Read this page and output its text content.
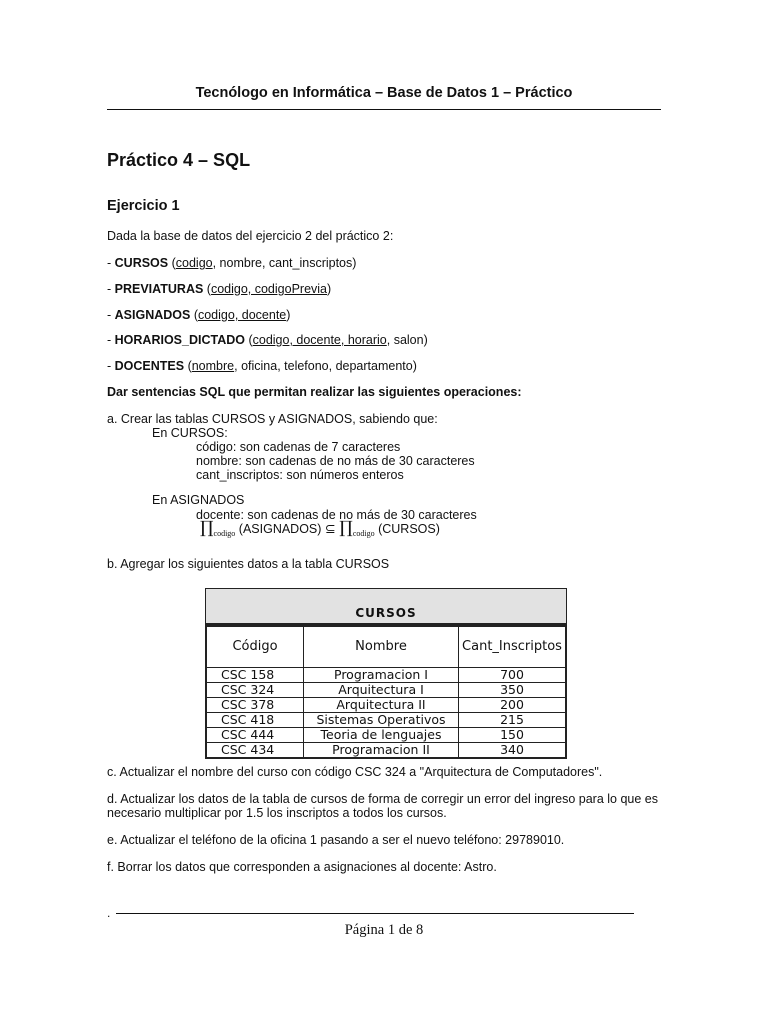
Tecnólogo en Informática – Base de Datos 1 – Práctico
Práctico 4 – SQL
Ejercicio 1
Dada la base de datos del ejercicio 2 del práctico 2:
- CURSOS (codigo, nombre, cant_inscriptos)
- PREVIATURAS (codigo, codigoPrevia)
- ASIGNADOS (codigo, docente)
- HORARIOS_DICTADO (codigo, docente, horario, salon)
- DOCENTES (nombre, oficina, telefono, departamento)
Dar sentencias SQL que permitan realizar las siguientes operaciones:
a. Crear las tablas CURSOS y ASIGNADOS, sabiendo que:
En CURSOS:
código: son cadenas de 7 caracteres
nombre: son cadenas de no más de 30 caracteres
cant_inscriptos: son números enteros
En ASIGNADOS
docente: son cadenas de no más de 30 caracteres
$\prod_{codigo}$ (ASIGNADOS) ⊆ $\prod_{codigo}$ (CURSOS)
b. Agregar los siguientes datos a la tabla CURSOS
CURSOS
Código	Nombre	Cant_Inscriptos
CSC 158	Programacion I	700
CSC 324	Arquitectura I	350
CSC 378	Arquitectura II	200
CSC 418	Sistemas Operativos	215
CSC 444	Teoria de lenguajes	150
CSC 434	Programacion II	340
c. Actualizar el nombre del curso con código CSC 324 a "Arquitectura de Computadores".
d. Actualizar los datos de la tabla de cursos de forma de corregir un error del ingreso para lo que es
necesario multiplicar por 1.5 los inscriptos a todos los cursos.
e. Actualizar el teléfono de la oficina 1 pasando a ser el nuevo teléfono: 29789010.
f. Borrar los datos que corresponden a asignaciones al docente: Astro.
.
Página 1 de 8
